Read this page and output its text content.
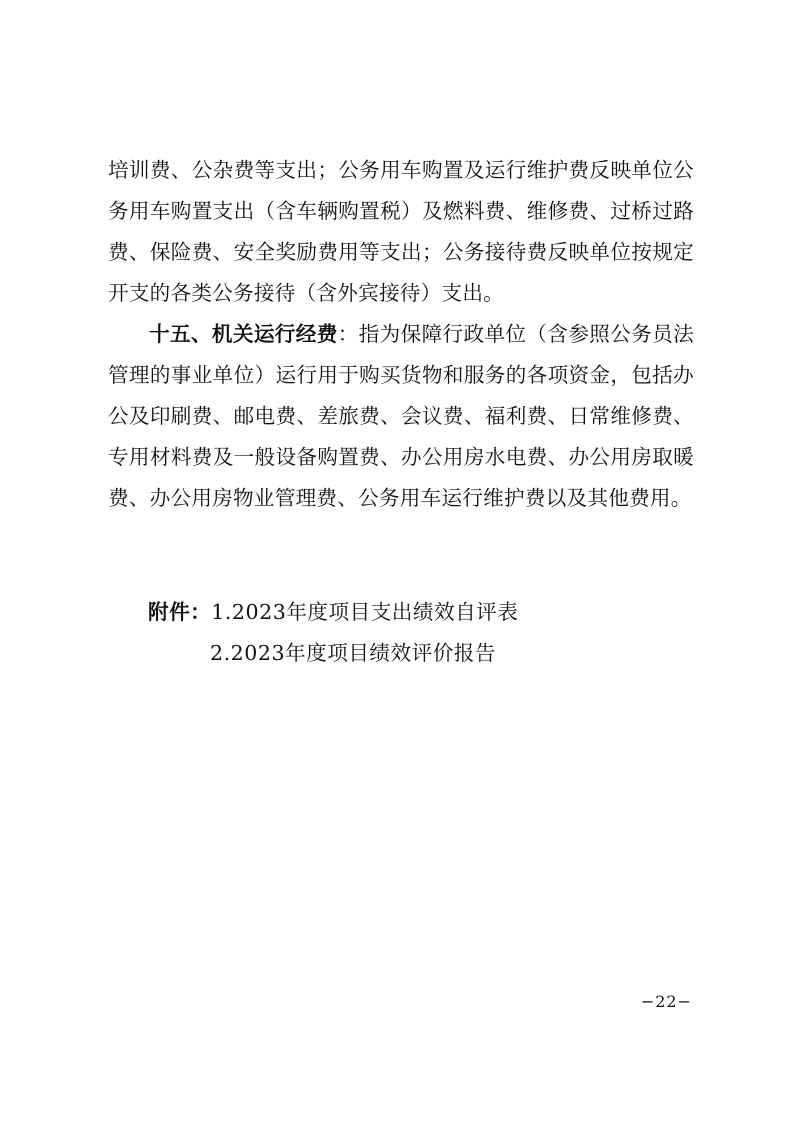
培训费、公杂费等支出；公务用车购置及运行维护费反映单位公务用车购置支出（含车辆购置税）及燃料费、维修费、过桥过路费、保险费、安全奖励费用等支出；公务接待费反映单位按规定开支的各类公务接待（含外宾接待）支出。

十五、机关运行经费：指为保障行政单位（含参照公务员法管理的事业单位）运行用于购买货物和服务的各项资金，包括办公及印刷费、邮电费、差旅费、会议费、福利费、日常维修费、专用材料费及一般设备购置费、办公用房水电费、办公用房取暖费、办公用房物业管理费、公务用车运行维护费以及其他费用。

附件：1.2023年度项目支出绩效自评表
2.2023年度项目绩效评价报告
−22−
